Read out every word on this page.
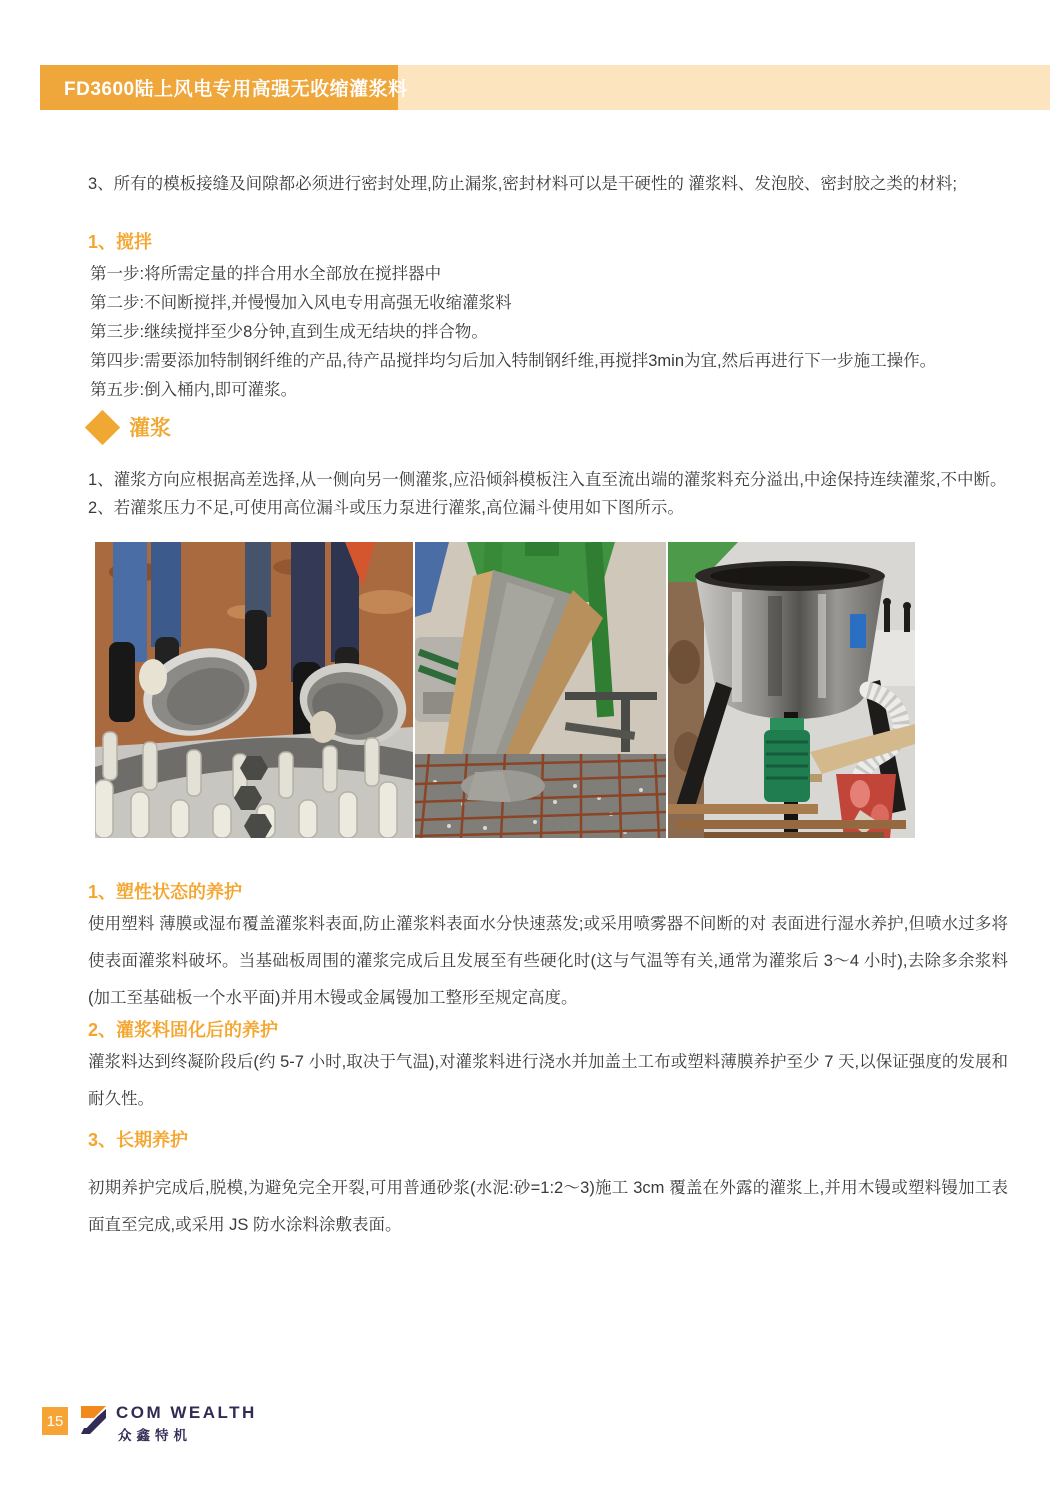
FD3600陆上风电专用高强无收缩灌浆料
3、所有的模板接缝及间隙都必须进行密封处理,防止漏浆,密封材料可以是干硬性的 灌浆料、发泡胶、密封胶之类的材料;
1、搅拌
第一步:将所需定量的拌合用水全部放在搅拌器中
第二步:不间断搅拌,并慢慢加入风电专用高强无收缩灌浆料
第三步:继续搅拌至少8分钟,直到生成无结块的拌合物。
第四步:需要添加特制钢纤维的产品,待产品搅拌均匀后加入特制钢纤维,再搅拌3min为宜,然后再进行下一步施工操作。
第五步:倒入桶内,即可灌浆。
灌浆
1、灌浆方向应根据高差选择,从一侧向另一侧灌浆,应沿倾斜模板注入直至流出端的灌浆料充分溢出,中途保持连续灌浆,不中断。
2、若灌浆压力不足,可使用高位漏斗或压力泵进行灌浆,高位漏斗使用如下图所示。
1、塑性状态的养护
使用塑料 薄膜或湿布覆盖灌浆料表面,防止灌浆料表面水分快速蒸发;或采用喷雾器不间断的对 表面进行湿水养护,但喷水过多将使表面灌浆料破坏。当基础板周围的灌浆完成后且发展至有些硬化时(这与气温等有关,通常为灌浆后 3～4 小时),去除多余浆料(加工至基础板一个水平面)并用木镘或金属镘加工整形至规定高度。
2、灌浆料固化后的养护
灌浆料达到终凝阶段后(约 5-7 小时,取决于气温),对灌浆料进行浇水并加盖土工布或塑料薄膜养护至少 7 天,以保证强度的发展和耐久性。
3、长期养护
初期养护完成后,脱模,为避免完全开裂,可用普通砂浆(水泥:砂=1:2～3)施工 3cm 覆盖在外露的灌浆上,并用木镘或塑料镘加工表面直至完成,或采用 JS 防水涂料涂敷表面。
15	COM WEALTH
众鑫特机
